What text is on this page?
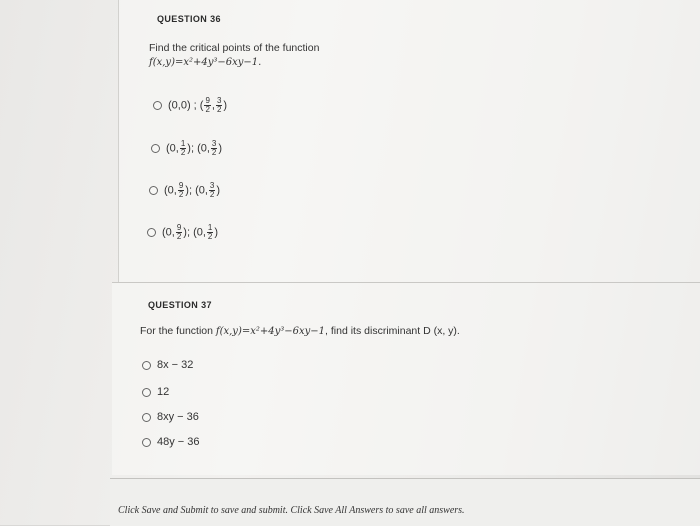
QUESTION 36
Find the critical points of the function
f(x,y)=x²+4y³−6xy−1.
(0,0) ; ( $\frac{9}{2}$ , $\frac{3}{2}$ )
(0, $\frac{1}{2}$ ); (0, $\frac{3}{2}$ )
(0, $\frac{9}{2}$ ); (0, $\frac{3}{2}$ )
(0, $\frac{9}{2}$ ); (0, $\frac{1}{2}$ )
QUESTION 37
For the function f(x,y)=x²+4y³−6xy−1, find its discriminant D (x, y).
8x − 32
12
8xy − 36
48y − 36
Click Save and Submit to save and submit. Click Save All Answers to save all answers.
